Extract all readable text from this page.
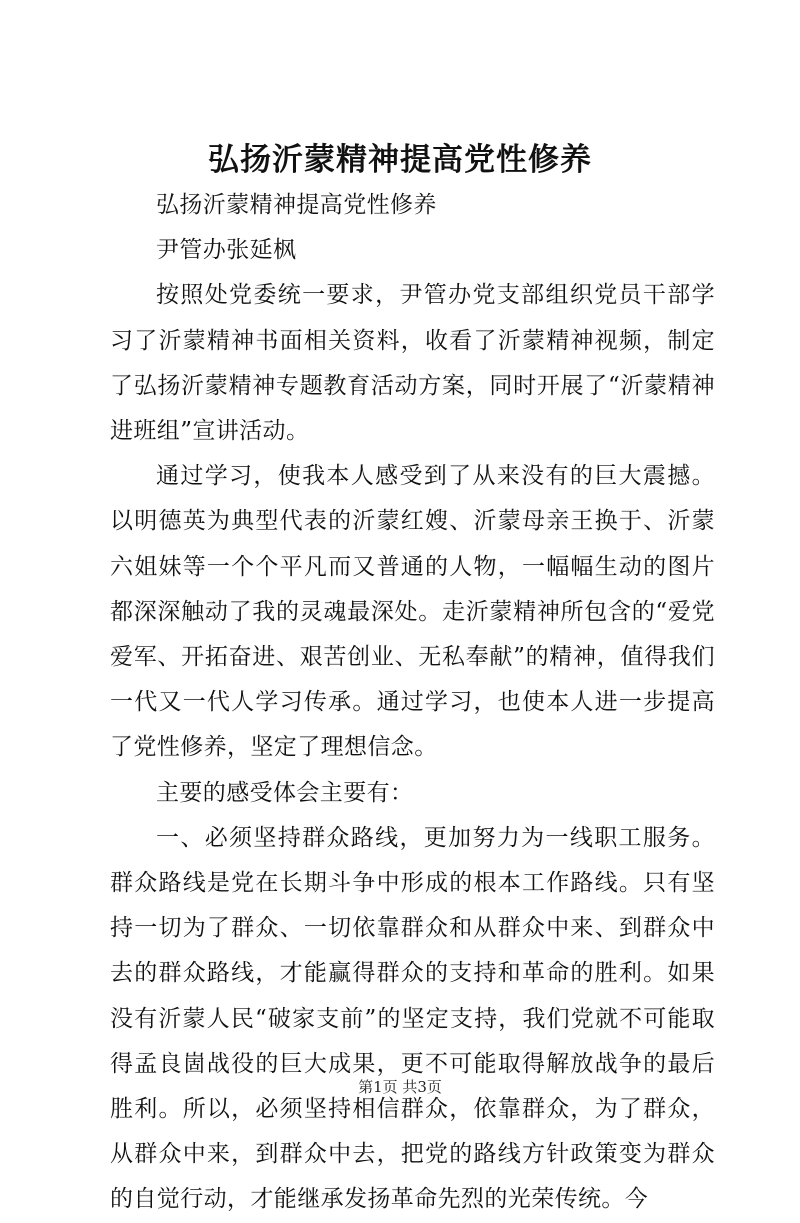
弘扬沂蒙精神提高党性修养

弘扬沂蒙精神提高党性修养

尹管办张延枫

按照处党委统一要求，尹管办党支部组织党员干部学习了沂蒙精神书面相关资料，收看了沂蒙精神视频，制定了弘扬沂蒙精神专题教育活动方案，同时开展了“沂蒙精神进班组”宣讲活动。

通过学习，使我本人感受到了从来没有的巨大震撼。以明德英为典型代表的沂蒙红嫂、沂蒙母亲王换于、沂蒙六姐妹等一个个平凡而又普通的人物，一幅幅生动的图片都深深触动了我的灵魂最深处。走沂蒙精神所包含的“爱党爱军、开拓奋进、艰苦创业、无私奉献”的精神，值得我们一代又一代人学习传承。通过学习，也使本人进一步提高了党性修养，坚定了理想信念。

主要的感受体会主要有：

一、必须坚持群众路线，更加努力为一线职工服务。群众路线是党在长期斗争中形成的根本工作路线。只有坚持一切为了群众、一切依靠群众和从群众中来、到群众中去的群众路线，才能赢得群众的支持和革命的胜利。如果没有沂蒙人民“破家支前”的坚定支持，我们党就不可能取得孟良崮战役的巨大成果，更不可能取得解放战争的最后胜利。所以，必须坚持相信群众，依靠群众，为了群众，从群众中来，到群众中去，把党的路线方针政策变为群众的自觉行动，才能继承发扬革命先烈的光荣传统。今

第1页 共3页
